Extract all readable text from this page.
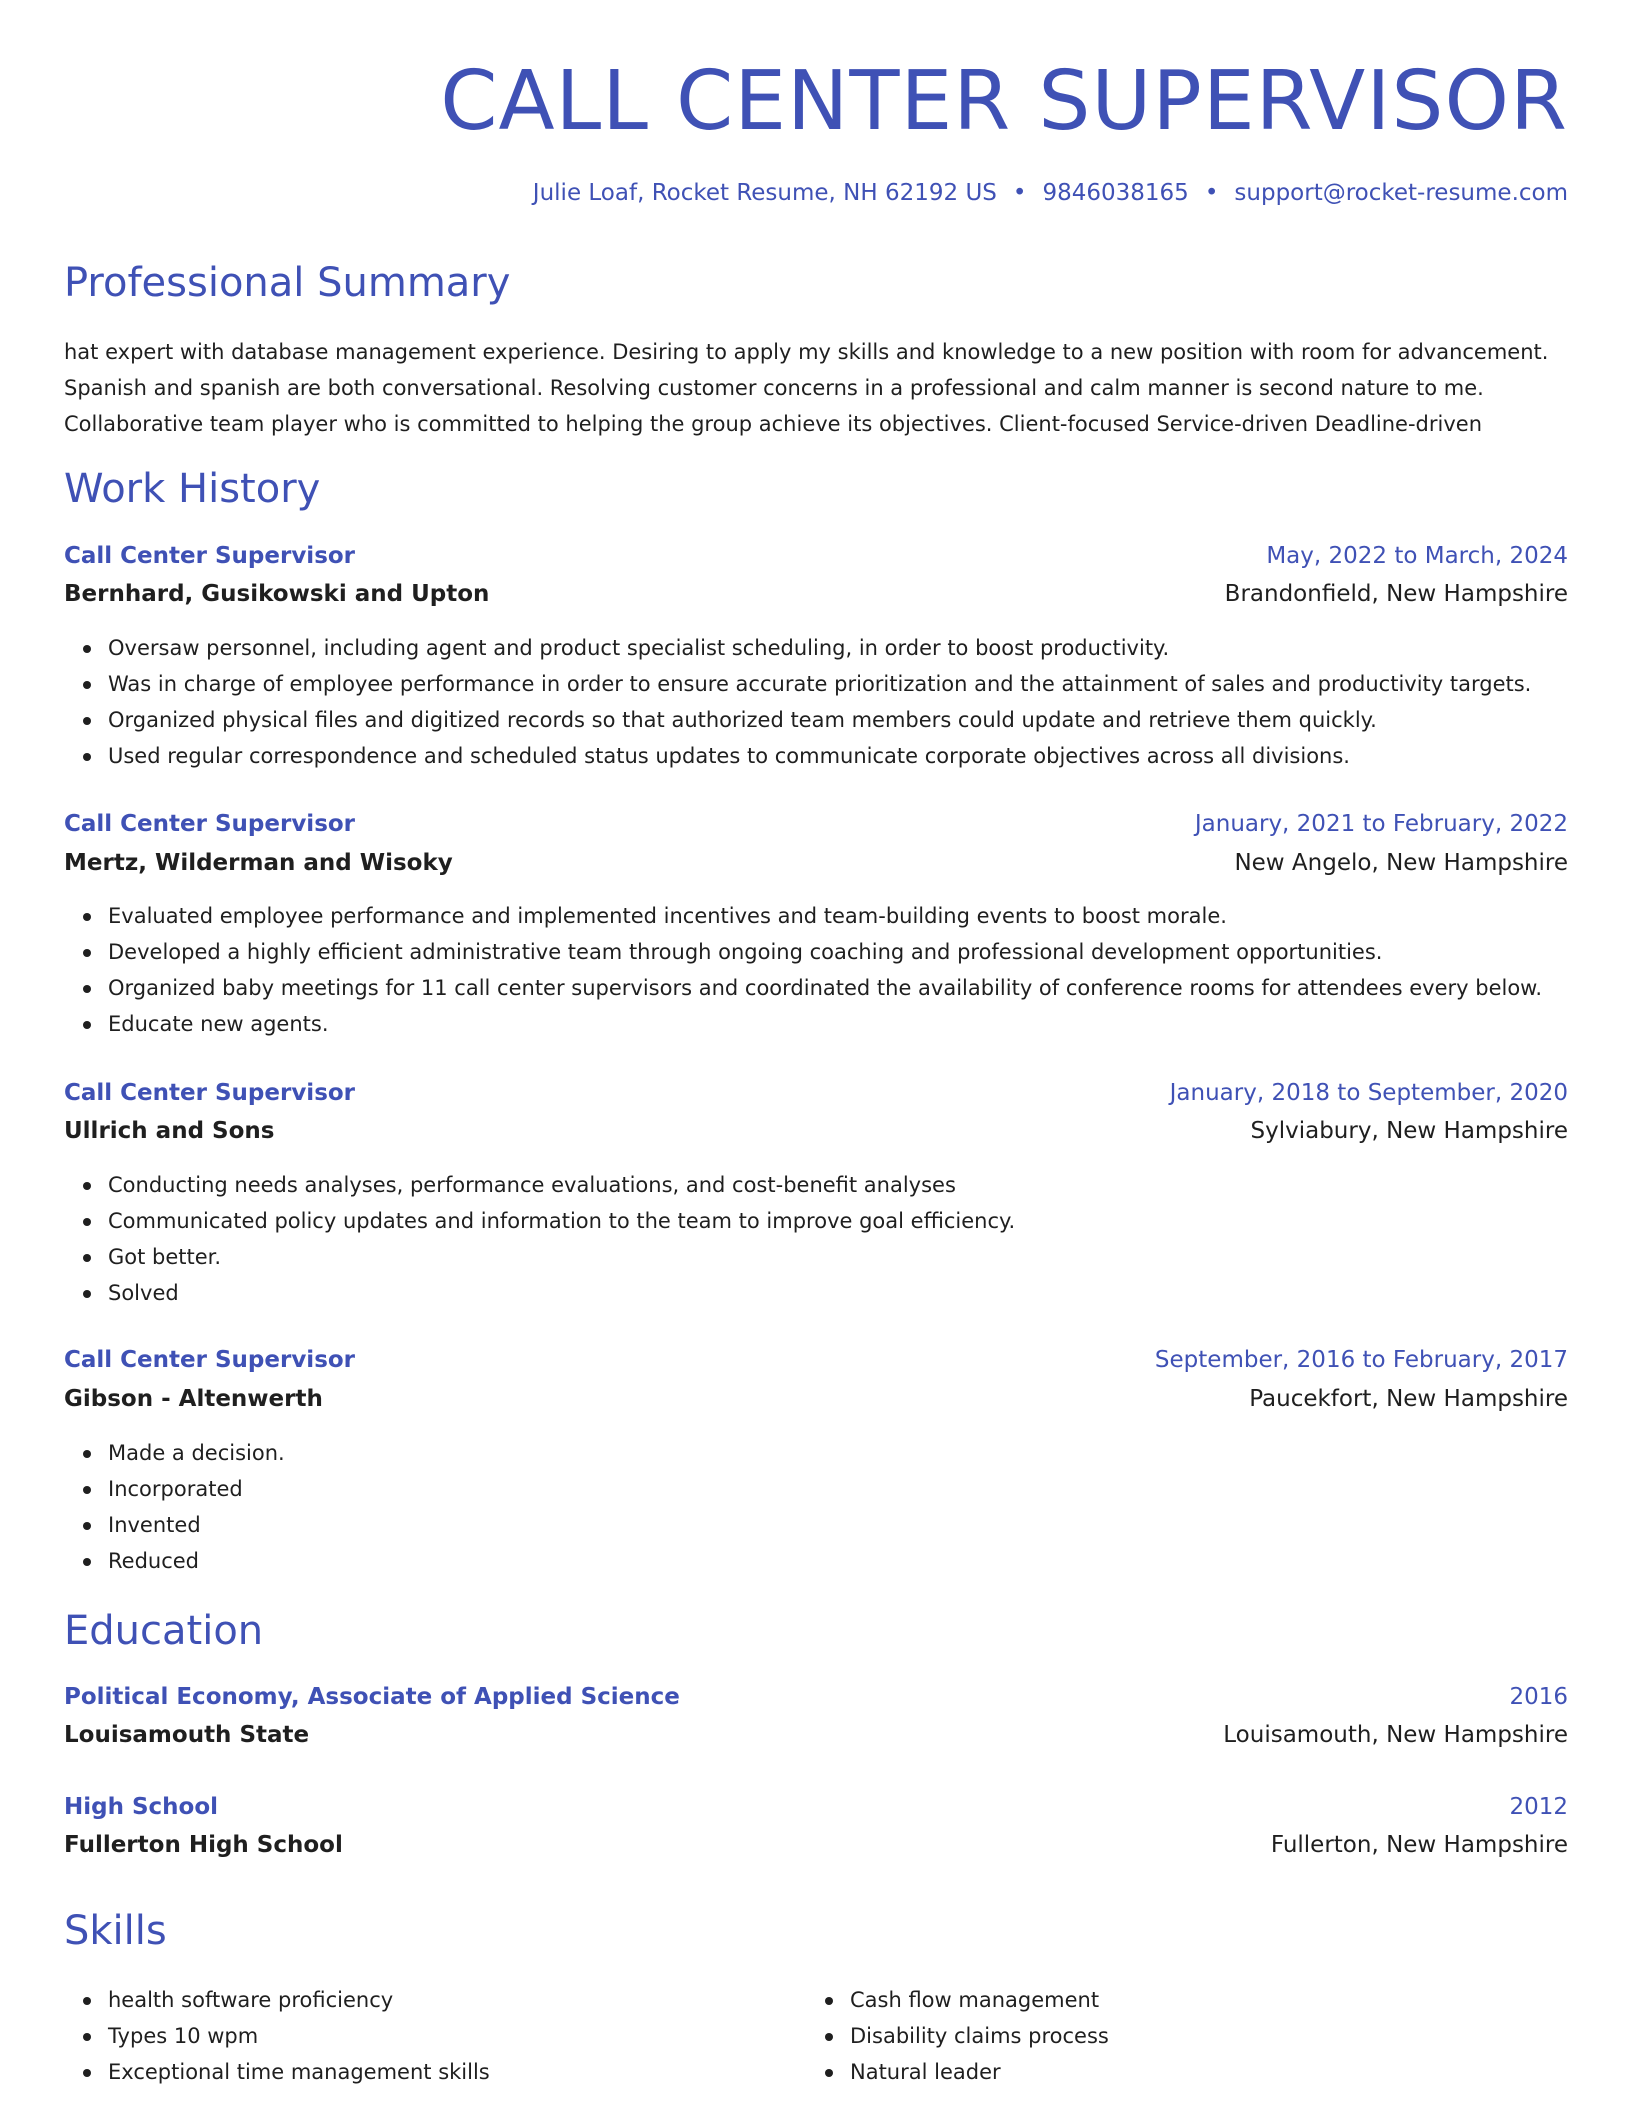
CALL CENTER SUPERVISOR
Julie Loaf, Rocket Resume, NH 62192 US • 9846038165 • support@rocket-resume.com
Professional Summary

hat expert with database management experience. Desiring to apply my skills and knowledge to a new position with room for advancement.

Spanish and spanish are both conversational. Resolving customer concerns in a professional and calm manner is second nature to me.

Collaborative team player who is committed to helping the group achieve its objectives. Client-focused Service-driven Deadline-driven

Work History
Call Center Supervisor	May, 2022 to March, 2024
Bernhard, Gusikowski and Upton	Brandonfield, New Hampshire
Oversaw personnel, including agent and product specialist scheduling, in order to boost productivity.
Was in charge of employee performance in order to ensure accurate prioritization and the attainment of sales and productivity targets.
Organized physical files and digitized records so that authorized team members could update and retrieve them quickly.
Used regular correspondence and scheduled status updates to communicate corporate objectives across all divisions.
Call Center Supervisor	January, 2021 to February, 2022
Mertz, Wilderman and Wisoky	New Angelo, New Hampshire
Evaluated employee performance and implemented incentives and team-building events to boost morale.
Developed a highly efficient administrative team through ongoing coaching and professional development opportunities.
Organized baby meetings for 11 call center supervisors and coordinated the availability of conference rooms for attendees every below.
Educate new agents.
Call Center Supervisor	January, 2018 to September, 2020
Ullrich and Sons	Sylviabury, New Hampshire
Conducting needs analyses, performance evaluations, and cost-benefit analyses
Communicated policy updates and information to the team to improve goal efficiency.
Got better.
Solved
Call Center Supervisor	September, 2016 to February, 2017
Gibson - Altenwerth	Paucekfort, New Hampshire
Made a decision.
Incorporated
Invented
Reduced
Education
Political Economy, Associate of Applied Science	2016
Louisamouth State	Louisamouth, New Hampshire
High School	2012
Fullerton High School	Fullerton, New Hampshire
Skills
health software proficiency
Types 10 wpm
Exceptional time management skills
Cash flow management
Disability claims process
Natural leader
